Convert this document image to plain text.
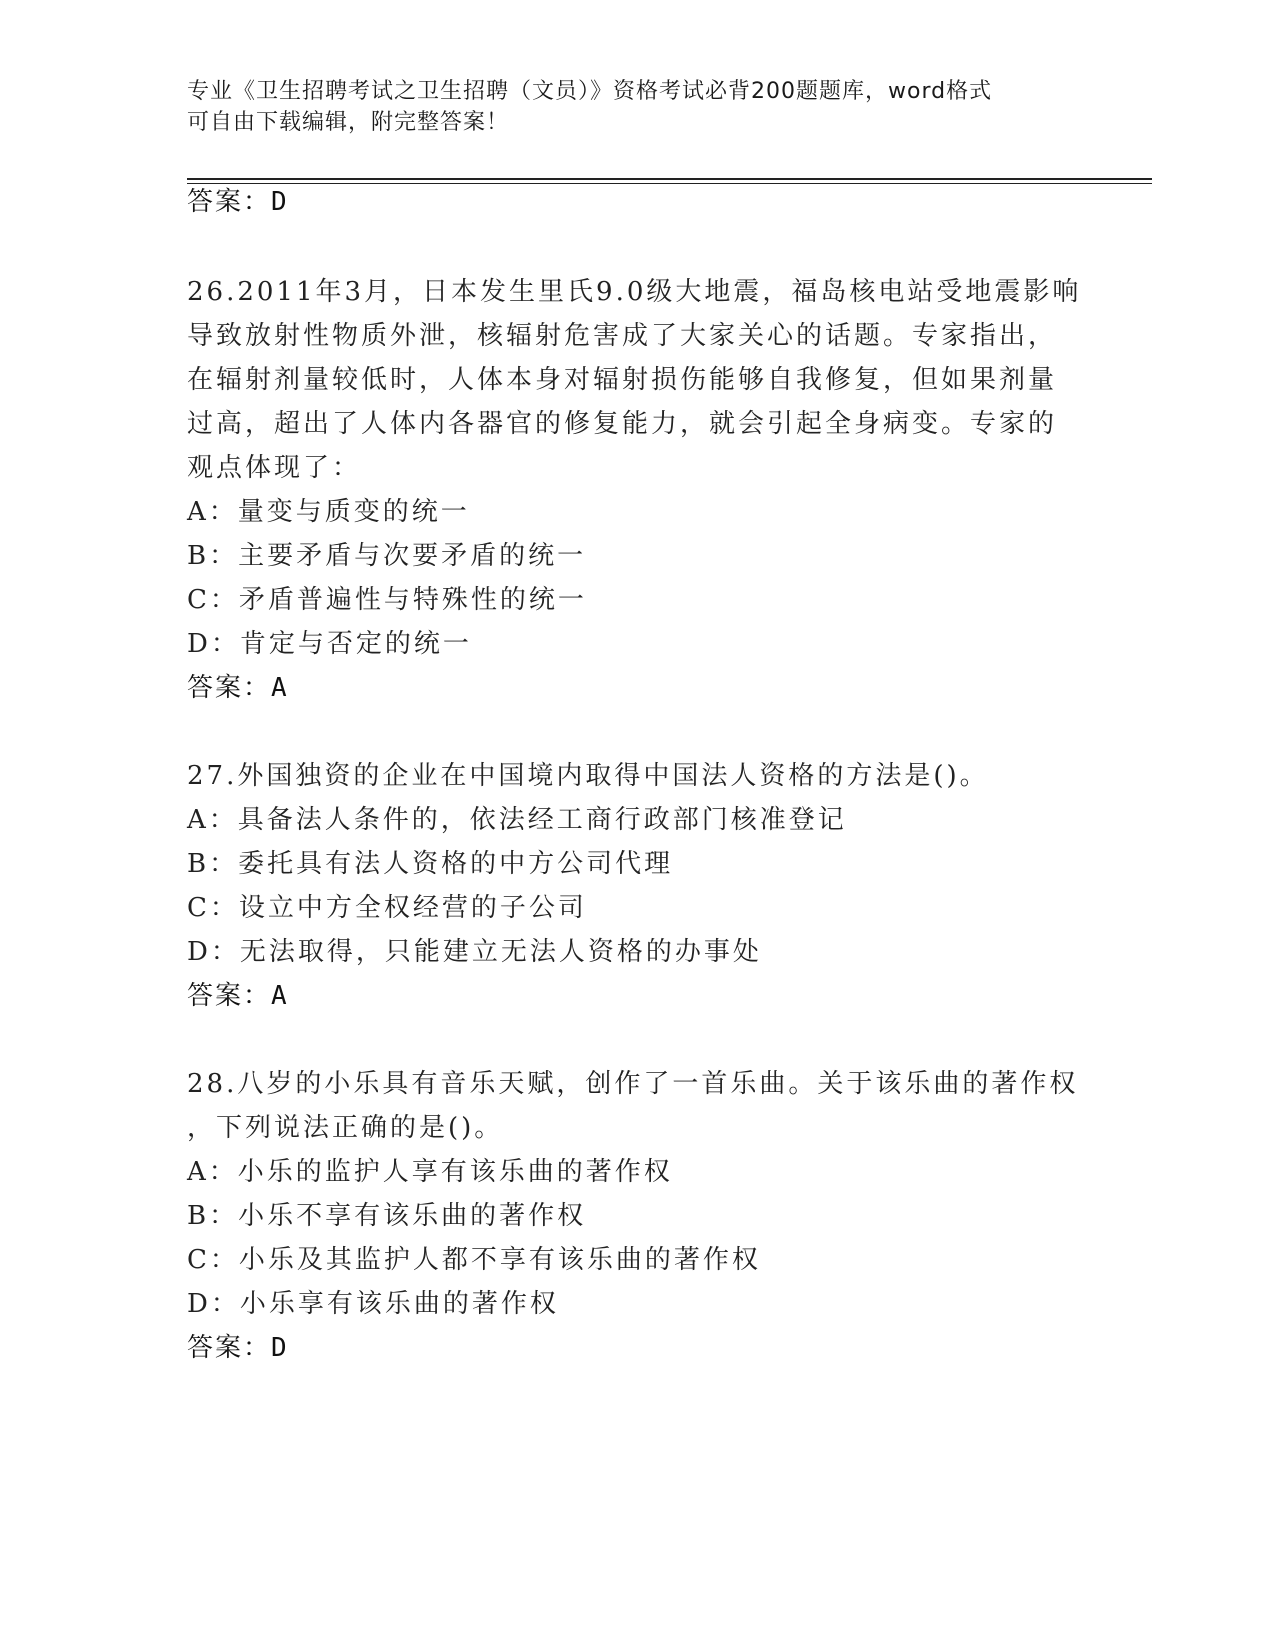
专业《卫生招聘考试之卫生招聘（文员）》资格考试必背200题题库，word格式
可自由下载编辑，附完整答案！
答案：D
26.2011年3月，日本发生里氏9.0级大地震，福岛核电站受地震影响
导致放射性物质外泄，核辐射危害成了大家关心的话题。专家指出，
在辐射剂量较低时，人体本身对辐射损伤能够自我修复，但如果剂量
过高，超出了人体内各器官的修复能力，就会引起全身病变。专家的
观点体现了：
A：量变与质变的统一
B：主要矛盾与次要矛盾的统一
C：矛盾普遍性与特殊性的统一
D：肯定与否定的统一
答案：A
27.外国独资的企业在中国境内取得中国法人资格的方法是()。
A：具备法人条件的，依法经工商行政部门核准登记
B：委托具有法人资格的中方公司代理
C：设立中方全权经营的子公司
D：无法取得，只能建立无法人资格的办事处
答案：A
28.八岁的小乐具有音乐天赋，创作了一首乐曲。关于该乐曲的著作权
，下列说法正确的是()。
A：小乐的监护人享有该乐曲的著作权
B：小乐不享有该乐曲的著作权
C：小乐及其监护人都不享有该乐曲的著作权
D：小乐享有该乐曲的著作权
答案：D
